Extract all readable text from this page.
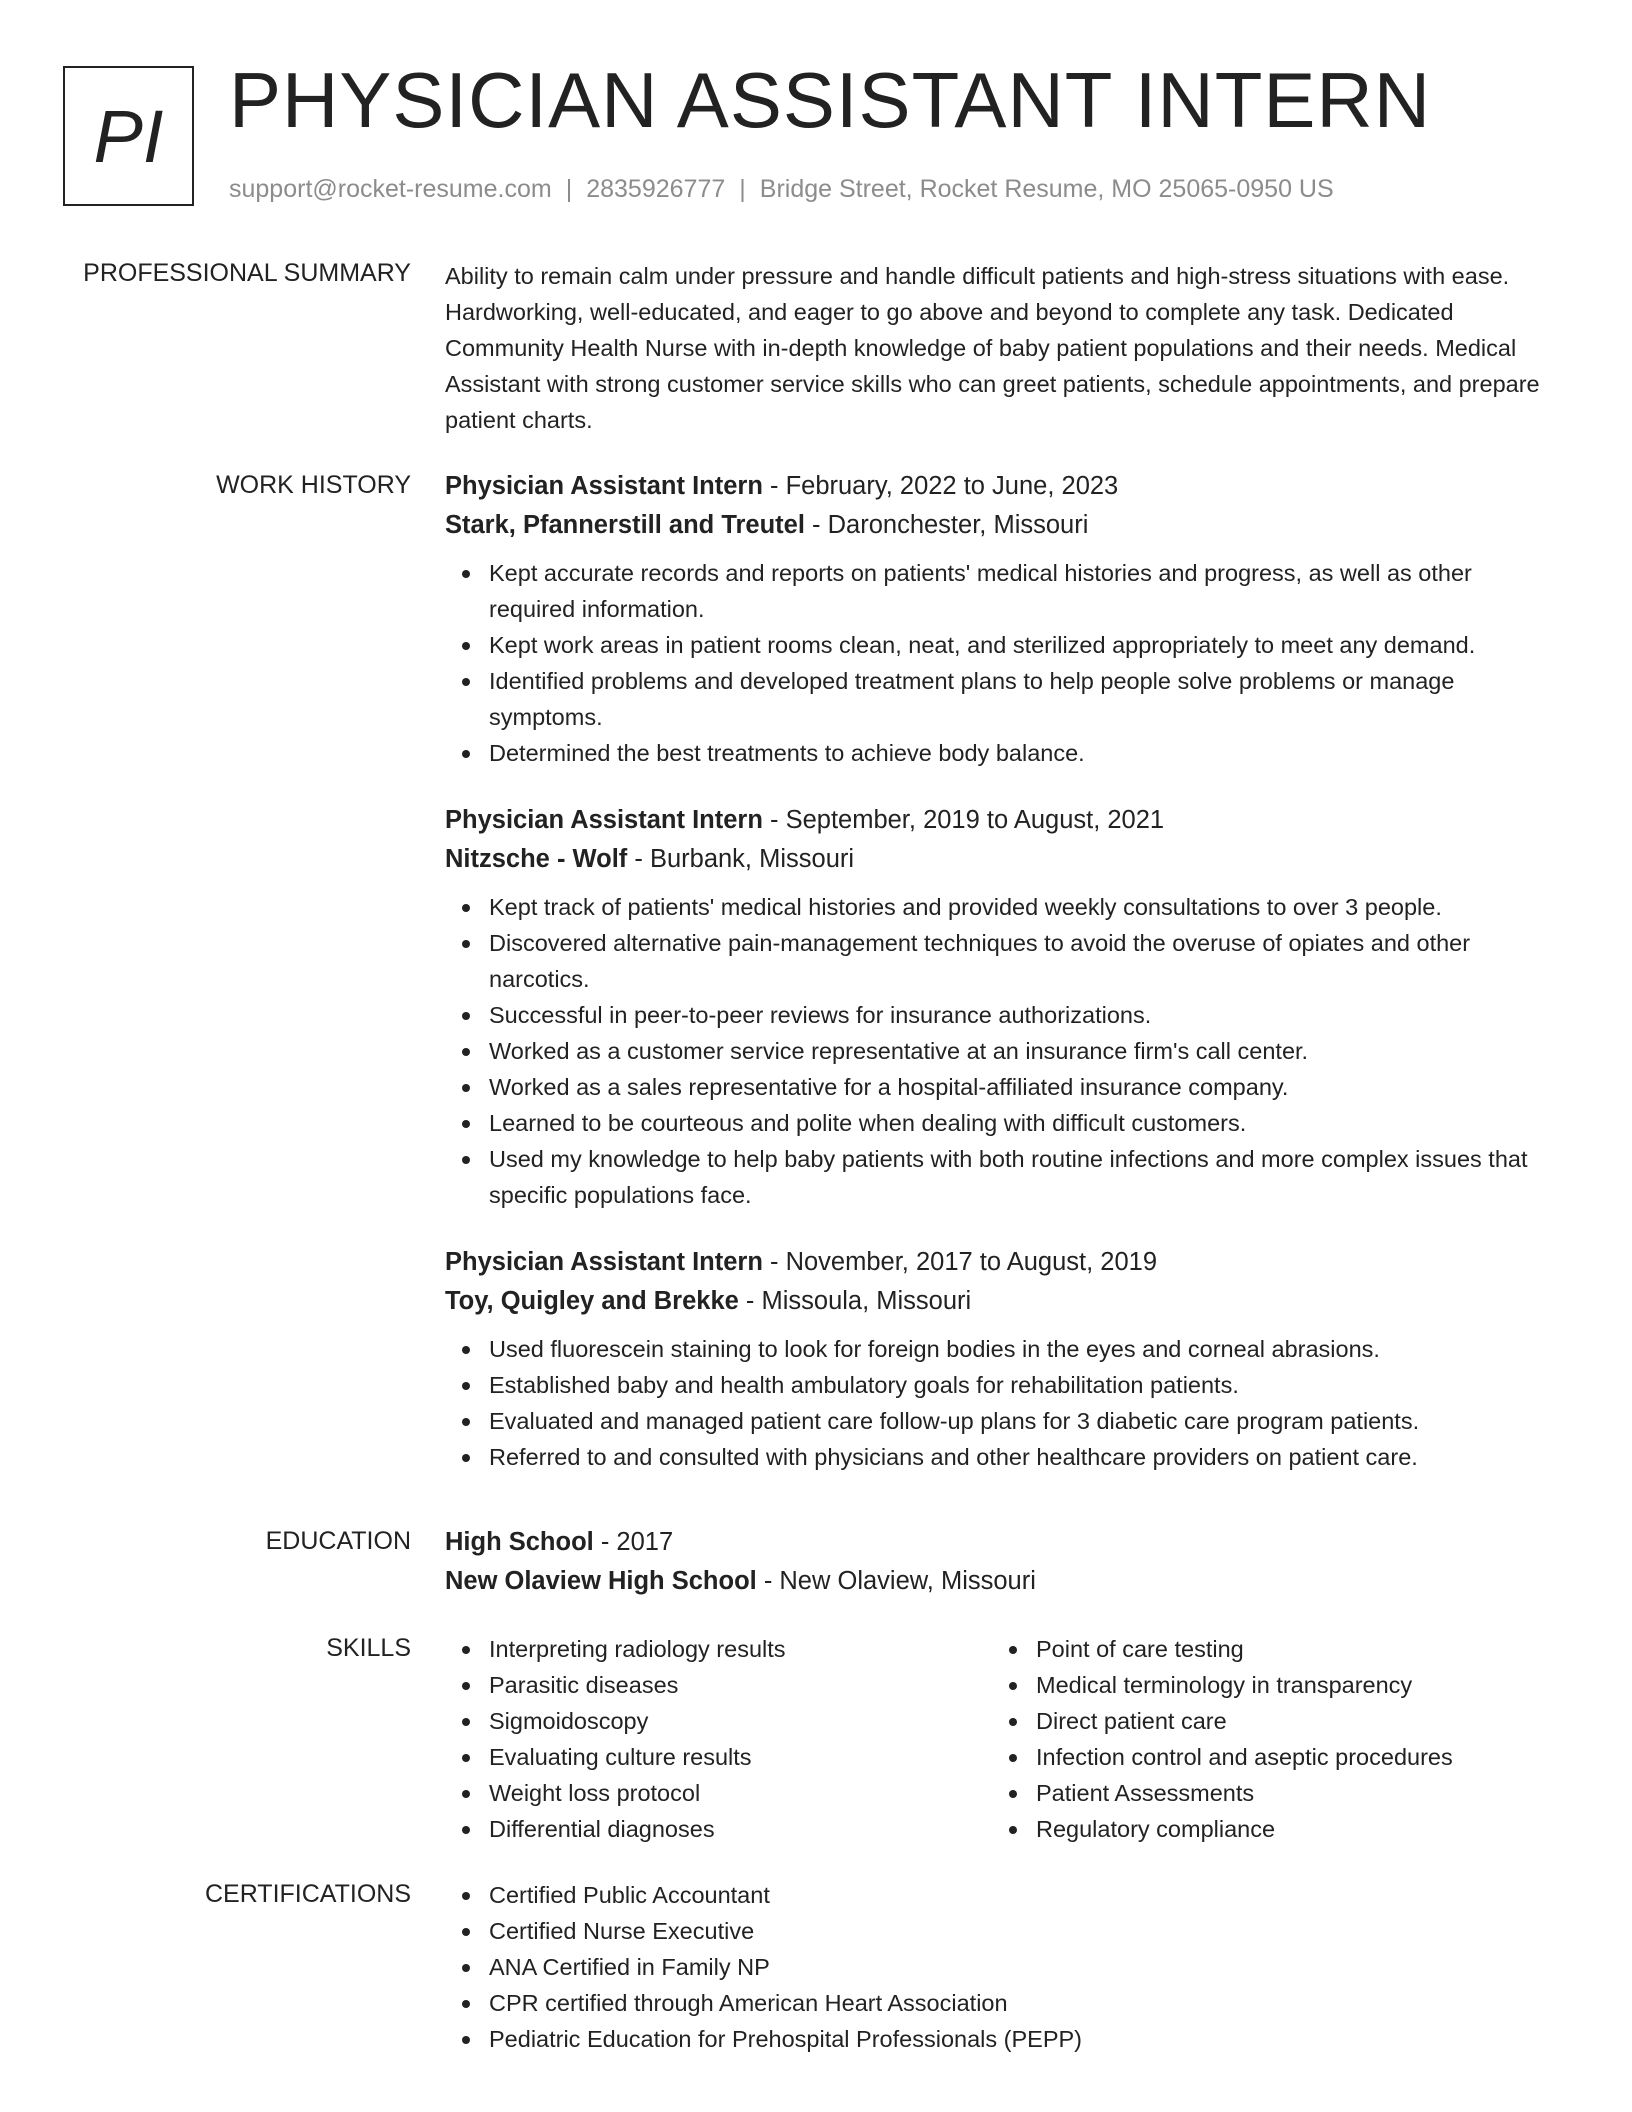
PI PHYSICIAN ASSISTANT INTERN
support@rocket-resume.com | 2835926777 | Bridge Street, Rocket Resume, MO 25065-0950 US
PROFESSIONAL SUMMARY Ability to remain calm under pressure and handle difficult patients and high-stress situations with ease. Hardworking, well-educated, and eager to go above and beyond to complete any task. Dedicated Community Health Nurse with in-depth knowledge of baby patient populations and their needs. Medical Assistant with strong customer service skills who can greet patients, schedule appointments, and prepare patient charts.

WORK HISTORY Physician Assistant Intern - February, 2022 to June, 2023
Stark, Pfannerstill and Treutel - Daronchester, Missouri
Kept accurate records and reports on patients' medical histories and progress, as well as other required information.
Kept work areas in patient rooms clean, neat, and sterilized appropriately to meet any demand.
Identified problems and developed treatment plans to help people solve problems or manage symptoms.
Determined the best treatments to achieve body balance.
Physician Assistant Intern - September, 2019 to August, 2021
Nitzsche - Wolf - Burbank, Missouri
Kept track of patients' medical histories and provided weekly consultations to over 3 people.
Discovered alternative pain-management techniques to avoid the overuse of opiates and other narcotics.
Successful in peer-to-peer reviews for insurance authorizations.
Worked as a customer service representative at an insurance firm's call center.
Worked as a sales representative for a hospital-affiliated insurance company.
Learned to be courteous and polite when dealing with difficult customers.
Used my knowledge to help baby patients with both routine infections and more complex issues that specific populations face.
Physician Assistant Intern - November, 2017 to August, 2019
Toy, Quigley and Brekke - Missoula, Missouri
Used fluorescein staining to look for foreign bodies in the eyes and corneal abrasions.
Established baby and health ambulatory goals for rehabilitation patients.
Evaluated and managed patient care follow-up plans for 3 diabetic care program patients.
Referred to and consulted with physicians and other healthcare providers on patient care.
EDUCATION High School - 2017
New Olaview High School - New Olaview, Missouri
SKILLS	Interpreting radiology results
Parasitic diseases
Sigmoidoscopy
Evaluating culture results
Weight loss protocol
Differential diagnoses
Point of care testing
Medical terminology in transparency
Direct patient care
Infection control and aseptic procedures
Patient Assessments
Regulatory compliance
CERTIFICATIONS	Certified Public Accountant
Certified Nurse Executive
ANA Certified in Family NP
CPR certified through American Heart Association
Pediatric Education for Prehospital Professionals (PEPP)
